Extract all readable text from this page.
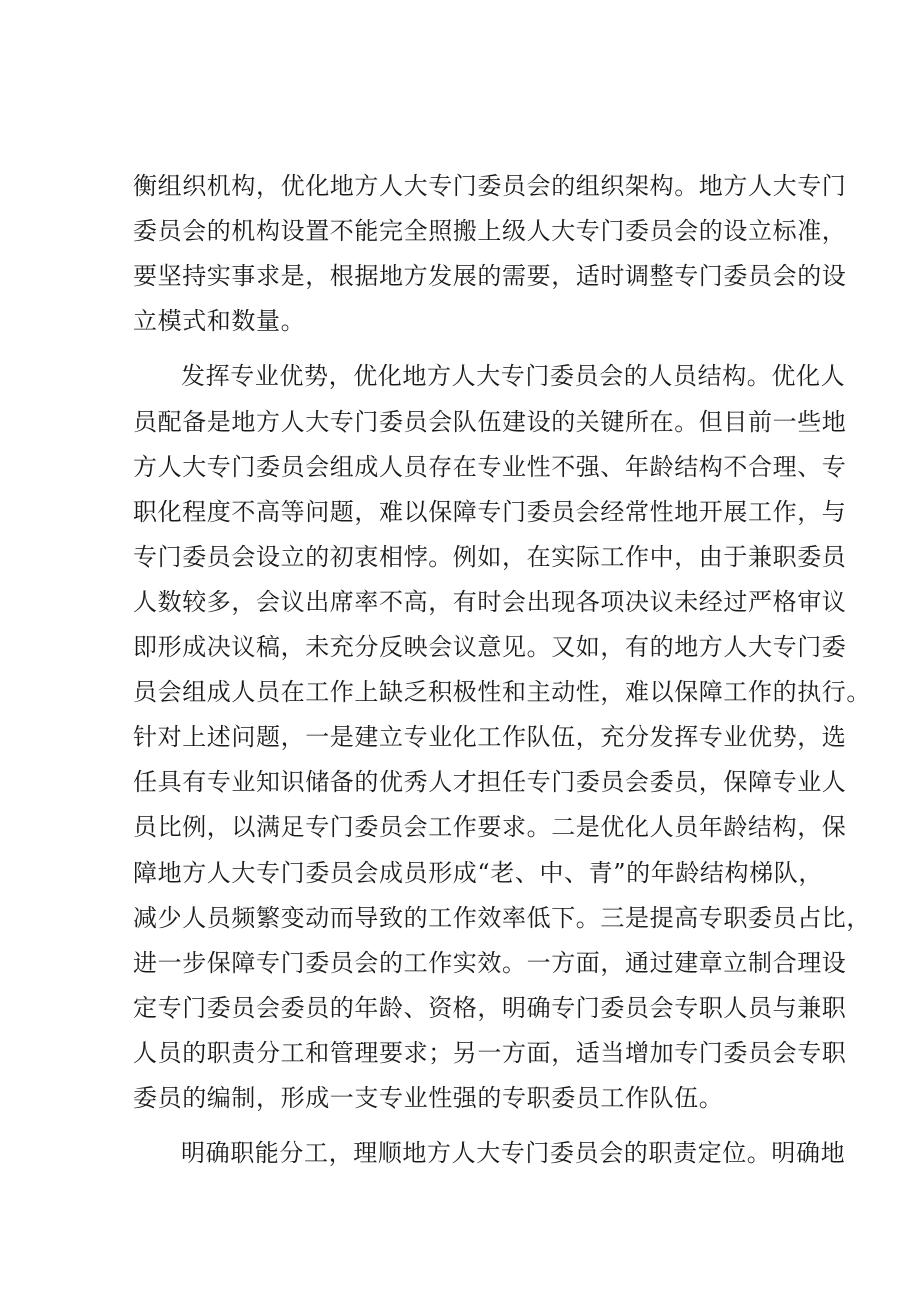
衡组织机构，优化地方人大专门委员会的组织架构。地方人大专门
委员会的机构设置不能完全照搬上级人大专门委员会的设立标准，
要坚持实事求是，根据地方发展的需要，适时调整专门委员会的设
立模式和数量。
发挥专业优势，优化地方人大专门委员会的人员结构。优化人
员配备是地方人大专门委员会队伍建设的关键所在。但目前一些地
方人大专门委员会组成人员存在专业性不强、年龄结构不合理、专
职化程度不高等问题，难以保障专门委员会经常性地开展工作，与
专门委员会设立的初衷相悖。例如，在实际工作中，由于兼职委员
人数较多，会议出席率不高，有时会出现各项决议未经过严格审议
即形成决议稿，未充分反映会议意见。又如，有的地方人大专门委
员会组成人员在工作上缺乏积极性和主动性，难以保障工作的执行。
针对上述问题，一是建立专业化工作队伍，充分发挥专业优势，选
任具有专业知识储备的优秀人才担任专门委员会委员，保障专业人
员比例，以满足专门委员会工作要求。二是优化人员年龄结构，保
障地方人大专门委员会成员形成“老、中、青”的年龄结构梯队，
减少人员频繁变动而导致的工作效率低下。三是提高专职委员占比，
进一步保障专门委员会的工作实效。一方面，通过建章立制合理设
定专门委员会委员的年龄、资格，明确专门委员会专职人员与兼职
人员的职责分工和管理要求；另一方面，适当增加专门委员会专职
委员的编制，形成一支专业性强的专职委员工作队伍。
明确职能分工，理顺地方人大专门委员会的职责定位。明确地
